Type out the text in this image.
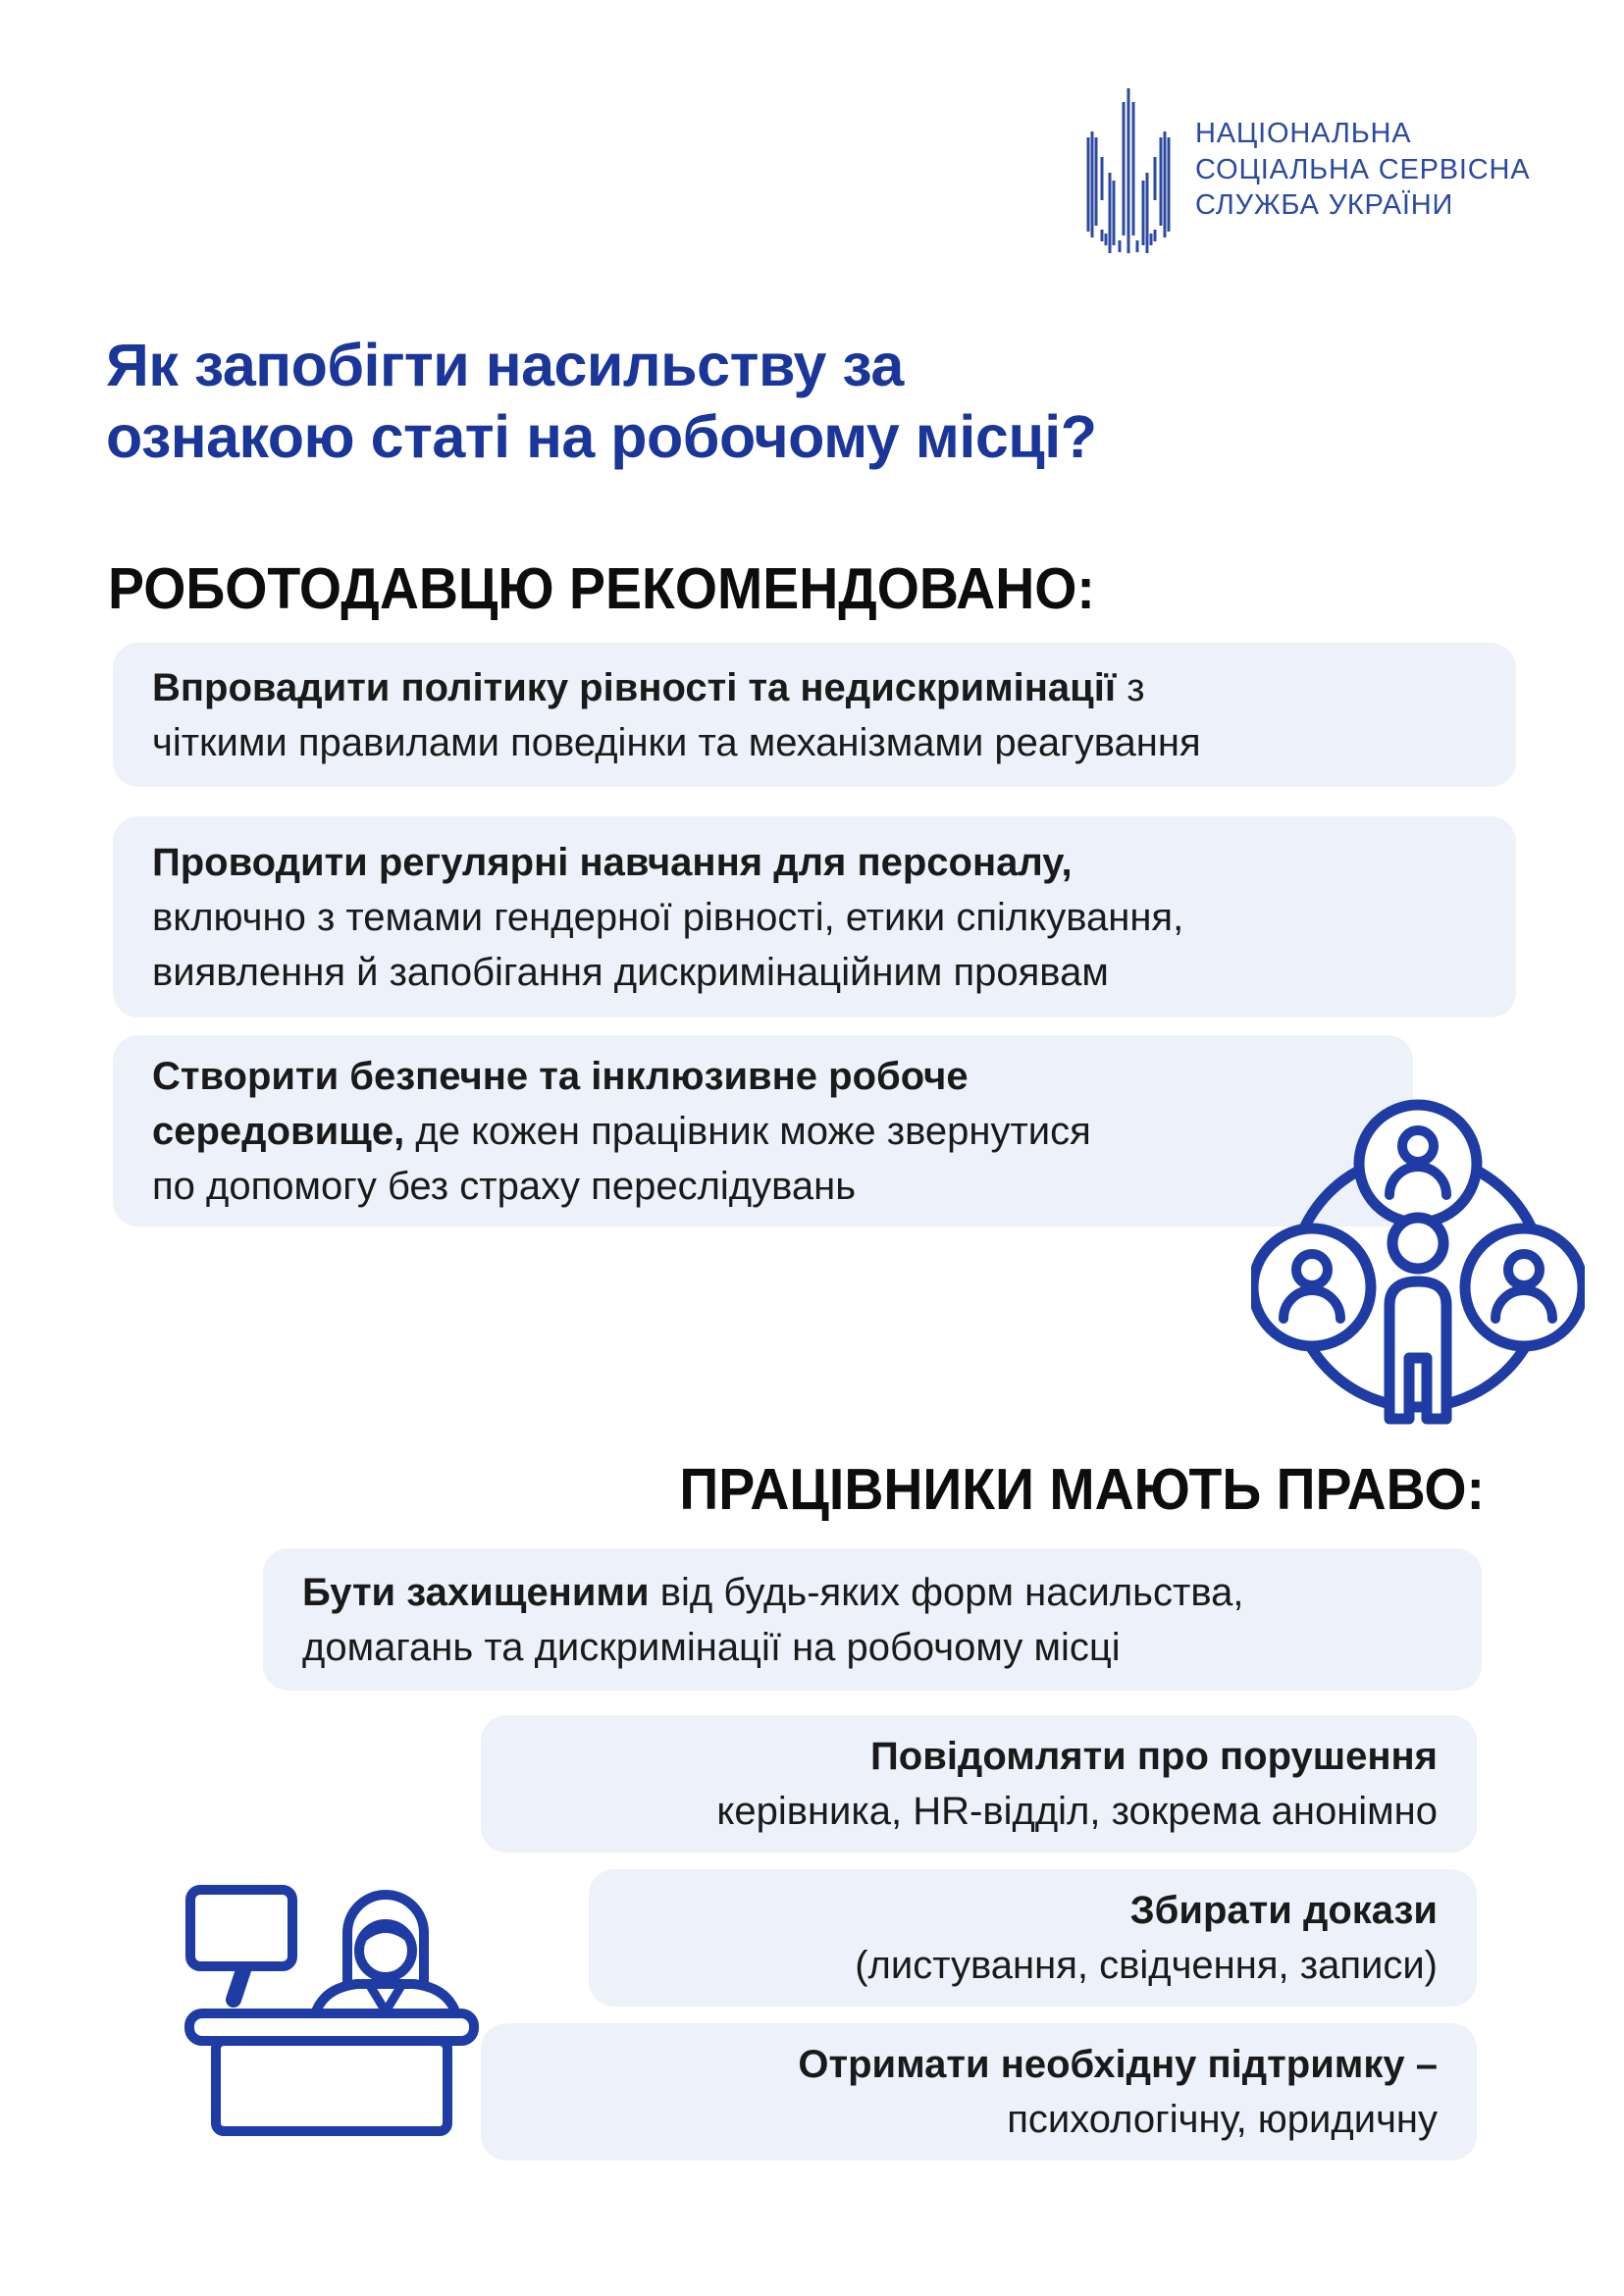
НАЦІОНАЛЬНА
СОЦІАЛЬНА СЕРВІСНА
СЛУЖБА УКРАЇНИ
Як запобігти насильству за
ознакою статі на робочому місці?
РОБОТОДАВЦЮ РЕКОМЕНДОВАНО:
Впровадити політику рівності та недискримінації з
чіткими правилами поведінки та механізмами реагування
Проводити регулярні навчання для персоналу,
включно з темами гендерної рівності, етики спілкування,
виявлення й запобігання дискримінаційним проявам
Створити безпечне та інклюзивне робоче
середовище, де кожен працівник може звернутися
по допомогу без страху переслідувань
ПРАЦІВНИКИ МАЮТЬ ПРАВО:
Бути захищеними від будь-яких форм насильства,
домагань та дискримінації на робочому місці
Повідомляти про порушення
керівника, HR-відділ, зокрема анонімно
Збирати докази
(листування, свідчення, записи)
Отримати необхідну підтримку –
психологічну, юридичну
